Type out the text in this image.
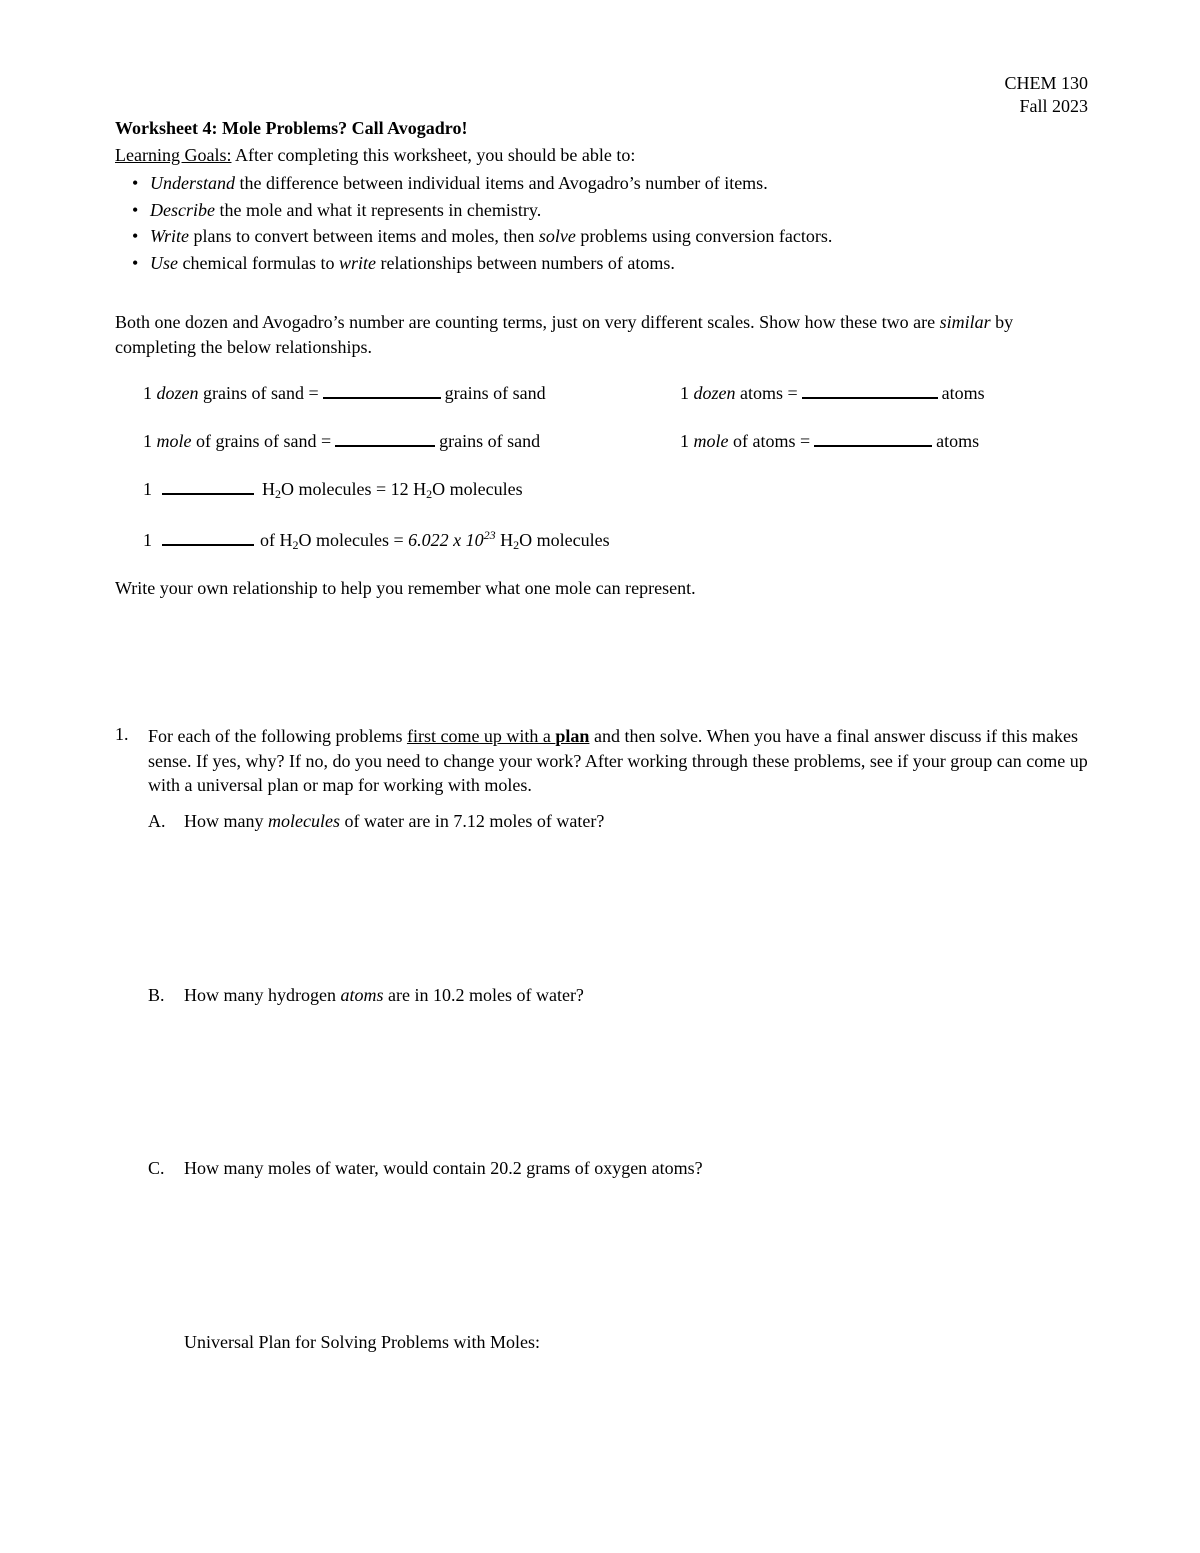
CHEM 130
Fall 2023
Worksheet 4: Mole Problems? Call Avogadro!
Learning Goals: After completing this worksheet, you should be able to:
• Understand the difference between individual items and Avogadro’s number of items.
• Describe the mole and what it represents in chemistry.
• Write plans to convert between items and moles, then solve problems using conversion factors.
• Use chemical formulas to write relationships between numbers of atoms.
Both one dozen and Avogadro’s number are counting terms, just on very different scales. Show how these two are similar by completing the below relationships.
1 dozen grains of sand =	grains of sand	1 dozen atoms =	atoms
1 mole of grains of sand =	grains of sand	1 mole of atoms =	atoms
1	$H_2O$ molecules = 12 $H_2O$ molecules
1	of $H_2O$ molecules = 6.022 x $10^{23}$ $H_2O$ molecules
Write your own relationship to help you remember what one mole can represent.
1. For each of the following problems first come up with a plan and then solve. When you have a final answer discuss if this makes sense. If yes, why? If no, do you need to change your work? After working through these problems, see if your group can come up with a universal plan or map for working with moles.
A. How many molecules of water are in 7.12 moles of water?
B. How many hydrogen atoms are in 10.2 moles of water?
C. How many moles of water, would contain 20.2 grams of oxygen atoms?
Universal Plan for Solving Problems with Moles:
